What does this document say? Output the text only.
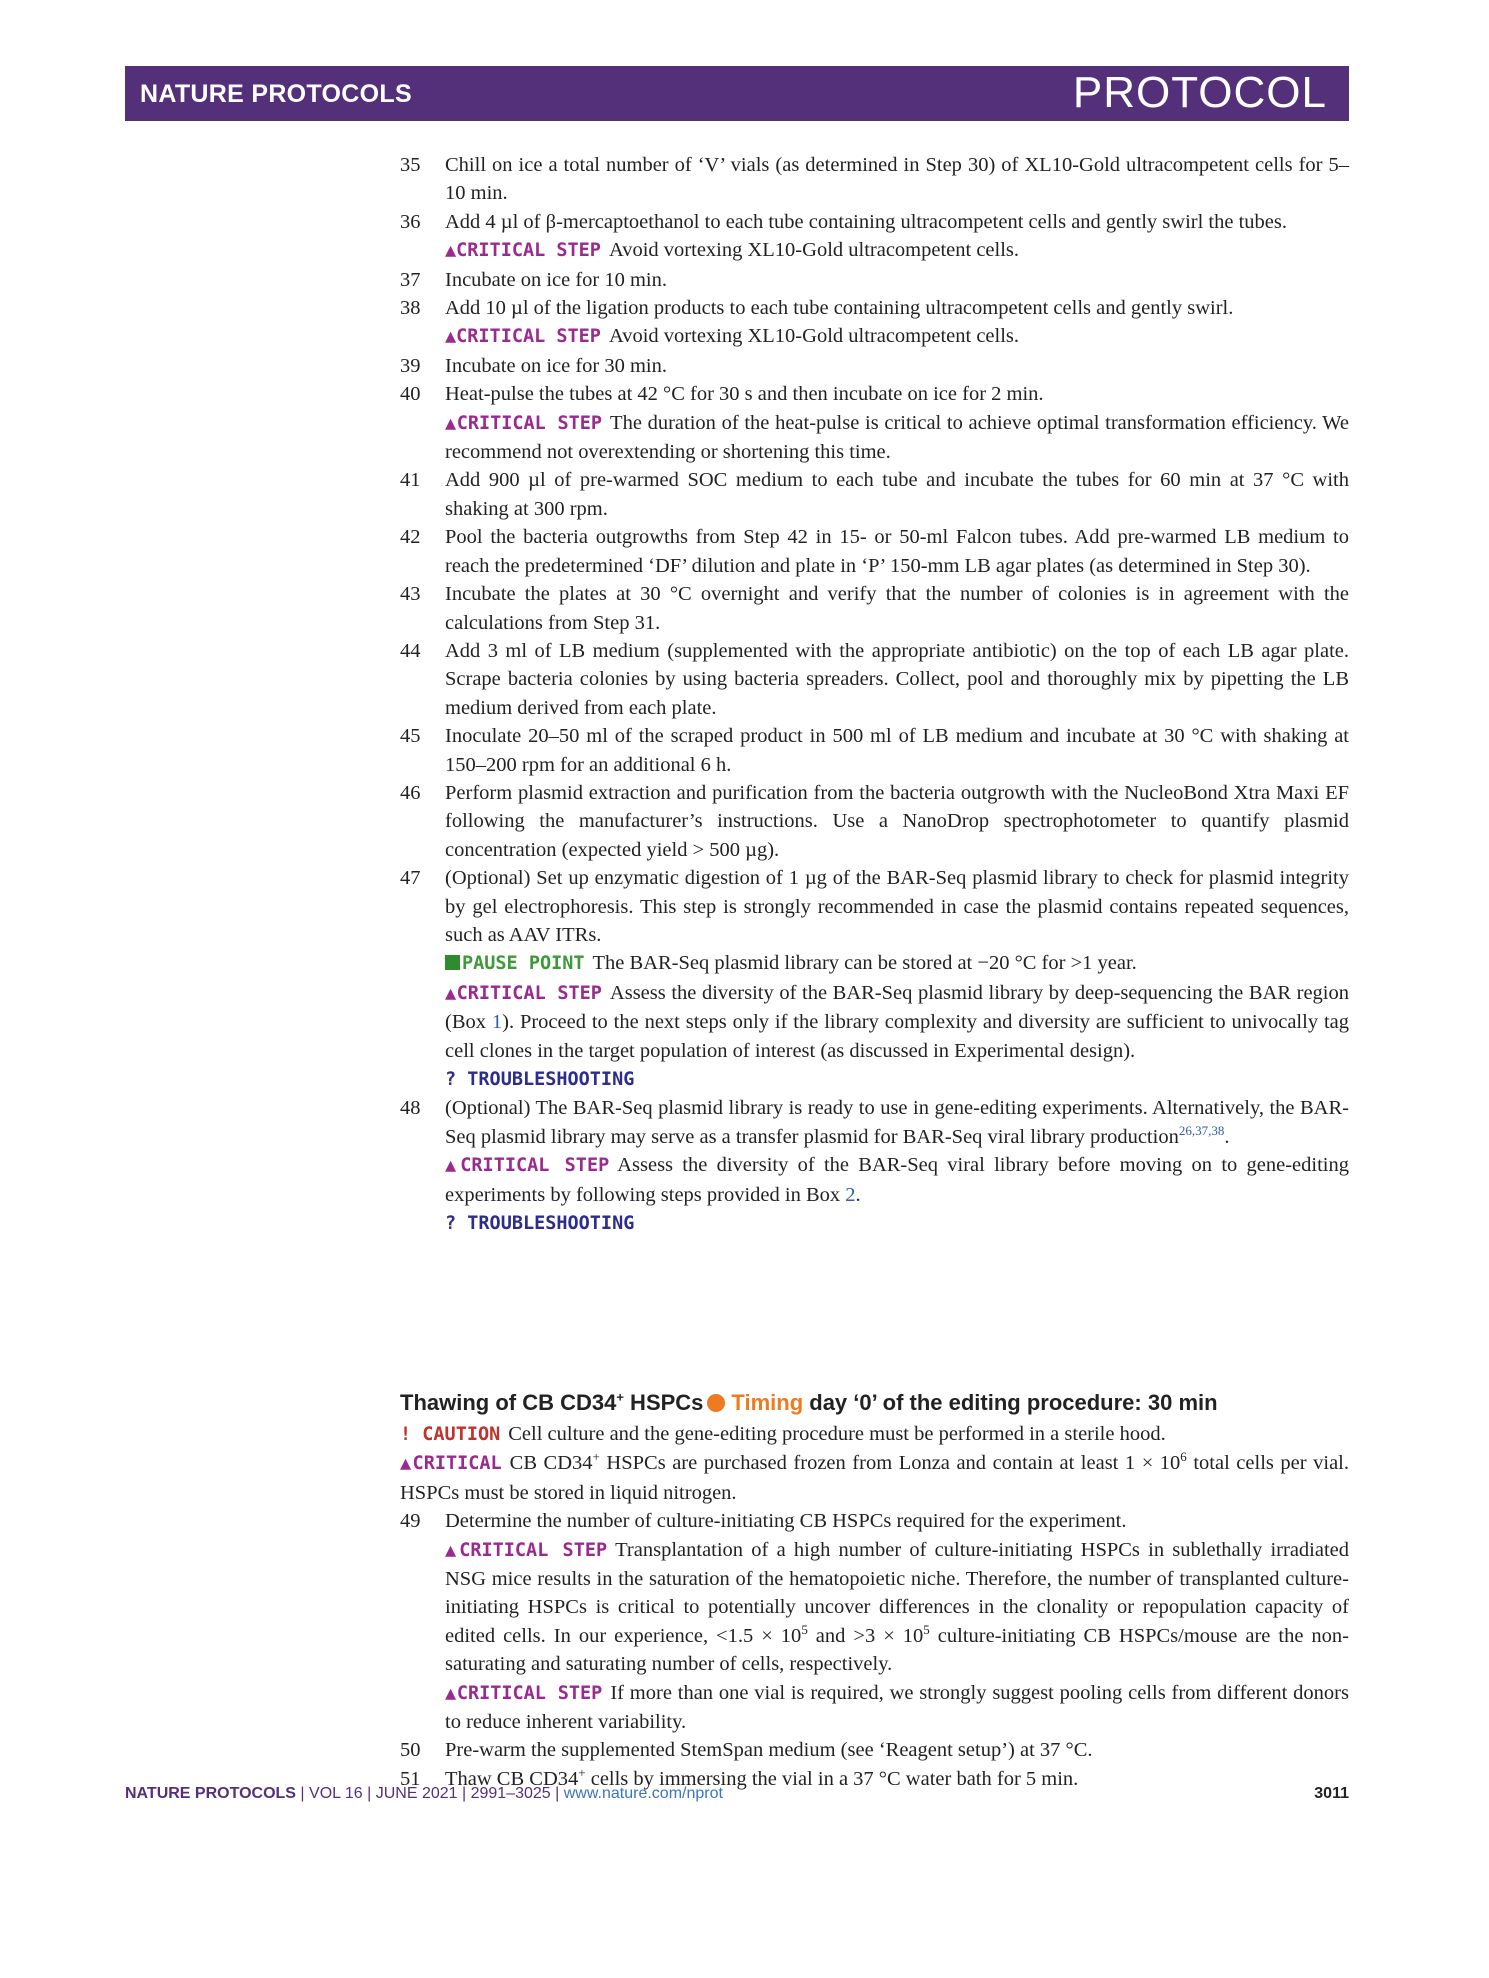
NATURE PROTOCOLS	PROTOCOL
35 Chill on ice a total number of ‘V’ vials (as determined in Step 30) of XL10-Gold ultracompetent cells for 5–10 min.
36 Add 4 µl of β-mercaptoethanol to each tube containing ultracompetent cells and gently swirl the tubes.
▲CRITICAL STEP Avoid vortexing XL10-Gold ultracompetent cells.
37 Incubate on ice for 10 min.
38 Add 10 µl of the ligation products to each tube containing ultracompetent cells and gently swirl.
▲CRITICAL STEP Avoid vortexing XL10-Gold ultracompetent cells.
39 Incubate on ice for 30 min.
40 Heat-pulse the tubes at 42 °C for 30 s and then incubate on ice for 2 min.
▲CRITICAL STEP The duration of the heat-pulse is critical to achieve optimal transformation efficiency. We recommend not overextending or shortening this time.
41 Add 900 µl of pre-warmed SOC medium to each tube and incubate the tubes for 60 min at 37 °C with shaking at 300 rpm.
42 Pool the bacteria outgrowths from Step 42 in 15- or 50-ml Falcon tubes. Add pre-warmed LB medium to reach the predetermined ‘DF’ dilution and plate in ‘P’ 150-mm LB agar plates (as determined in Step 30).
43 Incubate the plates at 30 °C overnight and verify that the number of colonies is in agreement with the calculations from Step 31.
44 Add 3 ml of LB medium (supplemented with the appropriate antibiotic) on the top of each LB agar plate. Scrape bacteria colonies by using bacteria spreaders. Collect, pool and thoroughly mix by pipetting the LB medium derived from each plate.
45 Inoculate 20–50 ml of the scraped product in 500 ml of LB medium and incubate at 30 °C with shaking at 150–200 rpm for an additional 6 h.
46 Perform plasmid extraction and purification from the bacteria outgrowth with the NucleoBond Xtra Maxi EF following the manufacturer’s instructions. Use a NanoDrop spectrophotometer to quantify plasmid concentration (expected yield > 500 µg).
47 (Optional) Set up enzymatic digestion of 1 µg of the BAR-Seq plasmid library to check for plasmid integrity by gel electrophoresis. This step is strongly recommended in case the plasmid contains repeated sequences, such as AAV ITRs.
PAUSE POINT The BAR-Seq plasmid library can be stored at −20 °C for >1 year.
▲CRITICAL STEP Assess the diversity of the BAR-Seq plasmid library by deep-sequencing the BAR region (Box 1). Proceed to the next steps only if the library complexity and diversity are sufficient to univocally tag cell clones in the target population of interest (as discussed in Experimental design).
? TROUBLESHOOTING
48 (Optional) The BAR-Seq plasmid library is ready to use in gene-editing experiments. Alternatively, the BAR-Seq plasmid library may serve as a transfer plasmid for BAR-Seq viral library production$^{26,37,38}$.
▲CRITICAL STEP Assess the diversity of the BAR-Seq viral library before moving on to gene-editing experiments by following steps provided in Box 2.
? TROUBLESHOOTING
Thawing of CB CD34+ HSPCs Timing day ‘0’ of the editing procedure: 30 min
! CAUTION Cell culture and the gene-editing procedure must be performed in a sterile hood.
▲CRITICAL CB CD34+ HSPCs are purchased frozen from Lonza and contain at least $1 \times 10^6$ total cells per vial. HSPCs must be stored in liquid nitrogen.
49 Determine the number of culture-initiating CB HSPCs required for the experiment.
▲CRITICAL STEP Transplantation of a high number of culture-initiating HSPCs in sublethally irradiated NSG mice results in the saturation of the hematopoietic niche. Therefore, the number of transplanted culture-initiating HSPCs is critical to potentially uncover differences in the clonality or repopulation capacity of edited cells. In our experience, $<1.5 \times 10^5$ and $>3 \times 10^5$ culture-initiating CB HSPCs/mouse are the non-saturating and saturating number of cells, respectively.
▲CRITICAL STEP If more than one vial is required, we strongly suggest pooling cells from different donors to reduce inherent variability.
50 Pre-warm the supplemented StemSpan medium (see ‘Reagent setup’) at 37 °C.
51 Thaw CB CD34+ cells by immersing the vial in a 37 °C water bath for 5 min.
NATURE PROTOCOLS | VOL 16 | JUNE 2021 | 2991–3025 | www.nature.com/nprot	3011
